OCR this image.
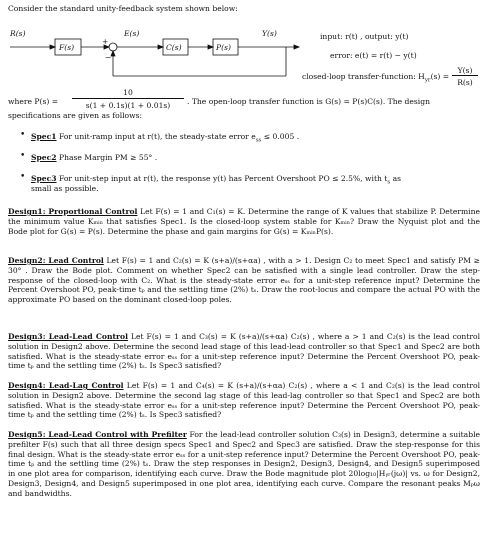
Consider the standard unity-feedback system shown below:
R(s)	E(s)	Y(s)
F(s)	C(s)	P(s)
+
−
input: r(t) , output: y(t)
error: e(t) = r(t) − y(t)
closed-loop transfer-function: $H_{yr}(s)$ =
Y(s)
R(s)
where P(s) =
10
s(1 + 0.1s)(1 + 0.01s)	. The open-loop transfer function is G(s) = P(s)C(s). The design
specifications are given as follows:
• Spec1 For unit-ramp input at r(t), the steady-state error $e_{ss} \le 0.005$ .
• Spec2 Phase Margin PM ≥ 55° .
• Spec3 For unit-step input at r(t), the response y(t) has Percent Overshoot PO ≤ 2.5%, with $t_s$ as
small as possible.
Design1: Proportional Control Let F(s) = 1 and C₁(s) = K. Determine the range of K values that stabilize P. Determine the minimum value Kₘᵢₙ that satisfies Spec1. Is the closed-loop system stable for Kₘᵢₙ? Draw the Nyquist plot and the Bode plot for G(s) = P(s). Determine the phase and gain margins for G(s) = KₘᵢₙP(s).
Design2: Lead Control Let F(s) = 1 and C₂(s) = K (s+a)/(s+αa) , with a > 1. Design C₂ to meet Spec1 and satisfy PM ≥ 30° . Draw the Bode plot. Comment on whether Spec2 can be satisfied with a single lead controller. Draw the step-response of the closed-loop with C₂. What is the steady-state error eₛₛ for a unit-step reference input? Determine the Percent Overshoot PO, peak-time tₚ and the settling time (2%) tₛ. Draw the root-locus and compare the actual PO with the approximate PO based on the dominant closed-loop poles.
Design3: Lead-Lead Control Let F(s) = 1 and C₃(s) = K (s+a)/(s+αa) C₂(s) , where a > 1 and C₂(s) is the lead control solution in Design2 above. Determine the second lead stage of this lead-lead controller so that Spec1 and Spec2 are both satisfied. What is the steady-state error eₛₛ for a unit-step reference input? Determine the Percent Overshoot PO, peak-time tₚ and the settling time (2%) tₛ. Is Spec3 satisfied?
Design4: Lead-Lag Control Let F(s) = 1 and C₄(s) = K (s+a)/(s+αa) C₂(s) , where a < 1 and C₂(s) is the lead control solution in Design2 above. Determine the second lag stage of this lead-lag controller so that Spec1 and Spec2 are both satisfied. What is the steady-state error eₛₛ for a unit-step reference input? Determine the Percent Overshoot PO, peak-time tₚ and the settling time (2%) tₛ. Is Spec3 satisfied?
Design5: Lead-Lead Control with Prefilter For the lead-lead controller solution C₃(s) in Design3, determine a suitable prefilter F(s) such that all three design specs Spec1 and Spec2 and Spec3 are satisfied. Draw the step-response for this final design. What is the steady-state error eₛₛ for a unit-step reference input? Determine the Percent Overshoot PO, peak-time tₚ and the settling time (2%) tₛ. Draw the step responses in Design2, Design3, Design4, and Design5 superimposed in one plot area for comparison, identifying each curve. Draw the Bode magnitude plot 20log₁₀|Hᵧᵣ(jω)| vs. ω for Design2, Design3, Design4, and Design5 superimposed in one plot area, identifying each curve. Compare the resonant peaks Mₚω and bandwidths.
